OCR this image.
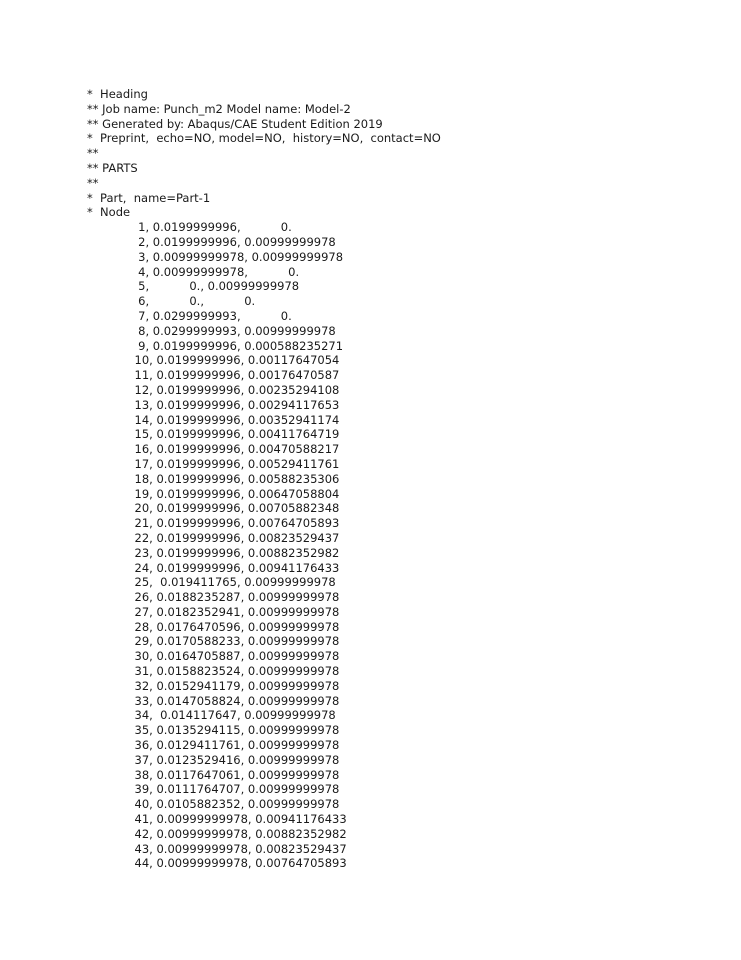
*  Heading
** Job name: Punch_m2 Model name: Model-2
** Generated by: Abaqus/CAE Student Edition 2019
*  Preprint,  echo=NO, model=NO,  history=NO,  contact=NO
**
** PARTS
**
*  Part,  name=Part-1
*  Node
1, 0.0199999996,           0.
2, 0.0199999996, 0.00999999978
3, 0.00999999978, 0.00999999978
4, 0.00999999978,           0.
5,           0., 0.00999999978
6,           0.,           0.
7, 0.0299999993,           0.
8, 0.0299999993, 0.00999999978
9, 0.0199999996, 0.000588235271
10, 0.0199999996, 0.00117647054
11, 0.0199999996, 0.00176470587
12, 0.0199999996, 0.00235294108
13, 0.0199999996, 0.00294117653
14, 0.0199999996, 0.00352941174
15, 0.0199999996, 0.00411764719
16, 0.0199999996, 0.00470588217
17, 0.0199999996, 0.00529411761
18, 0.0199999996, 0.00588235306
19, 0.0199999996, 0.00647058804
20, 0.0199999996, 0.00705882348
21, 0.0199999996, 0.00764705893
22, 0.0199999996, 0.00823529437
23, 0.0199999996, 0.00882352982
24, 0.0199999996, 0.00941176433
25,  0.019411765, 0.00999999978
26, 0.0188235287, 0.00999999978
27, 0.0182352941, 0.00999999978
28, 0.0176470596, 0.00999999978
29, 0.0170588233, 0.00999999978
30, 0.0164705887, 0.00999999978
31, 0.0158823524, 0.00999999978
32, 0.0152941179, 0.00999999978
33, 0.0147058824, 0.00999999978
34,  0.014117647, 0.00999999978
35, 0.0135294115, 0.00999999978
36, 0.0129411761, 0.00999999978
37, 0.0123529416, 0.00999999978
38, 0.0117647061, 0.00999999978
39, 0.0111764707, 0.00999999978
40, 0.0105882352, 0.00999999978
41, 0.00999999978, 0.00941176433
42, 0.00999999978, 0.00882352982
43, 0.00999999978, 0.00823529437
44, 0.00999999978, 0.00764705893
